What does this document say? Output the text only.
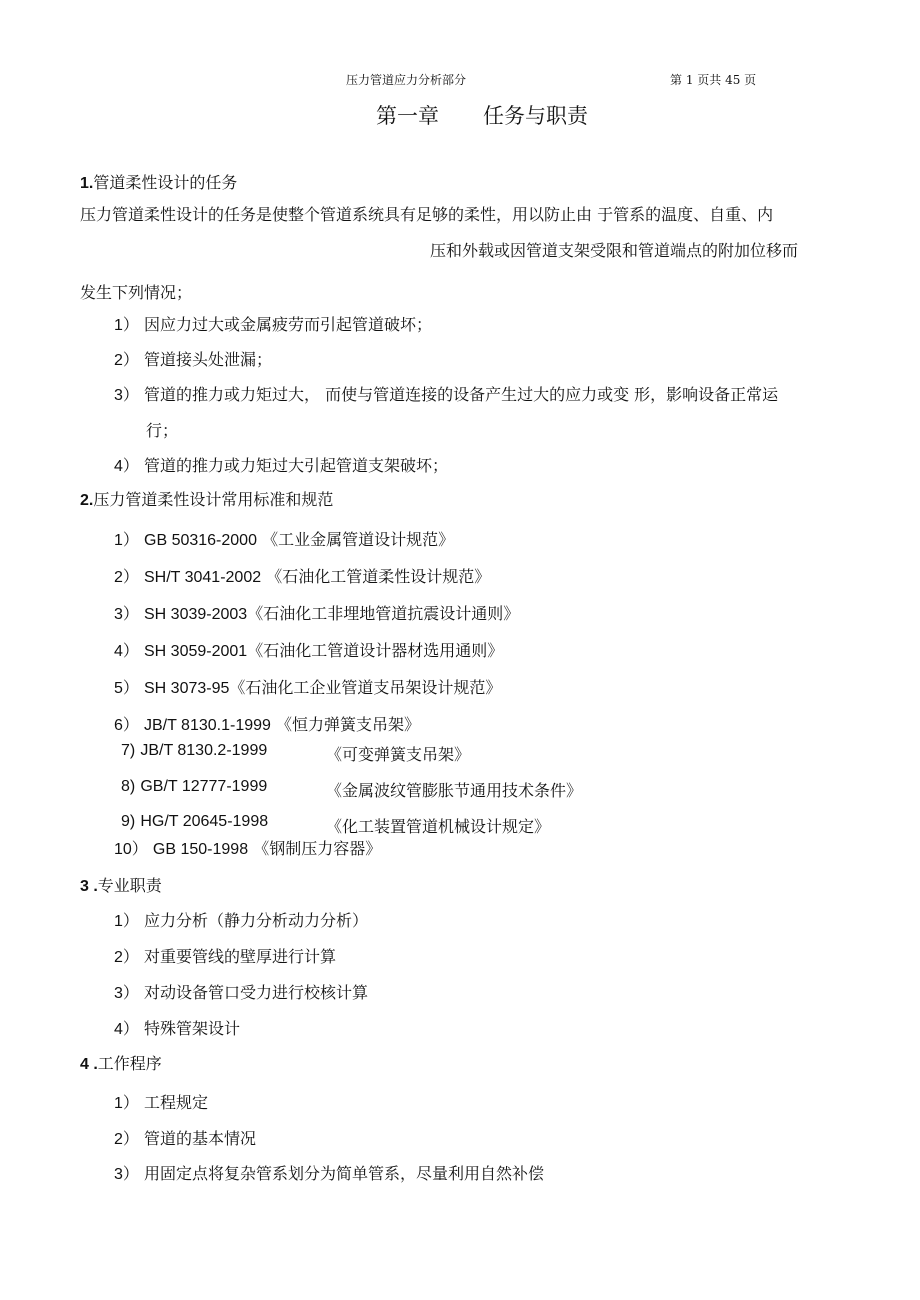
压力管道应力分析部分	第 1 页共 45 页
第一章 任务与职责
1.管道柔性设计的任务
压力管道柔性设计的任务是使整个管道系统具有足够的柔性，用以防止由 于管系的温度、自重、内
压和外载或因管道支架受限和管道端点的附加位移而
发生下列情况；
1） 因应力过大或金属疲劳而引起管道破坏；
2） 管道接头处泄漏；
3） 管道的推力或力矩过大， 而使与管道连接的设备产生过大的应力或变 形，影响设备正常运
行；
4） 管道的推力或力矩过大引起管道支架破坏；
2.压力管道柔性设计常用标准和规范
1） GB 50316-2000 《工业金属管道设计规范》
2） SH/T 3041-2002 《石油化工管道柔性设计规范》
3） SH 3039-2003《石油化工非埋地管道抗震设计通则》
4） SH 3059-2001《石油化工管道设计器材选用通则》
5） SH 3073-95《石油化工企业管道支吊架设计规范》
6） JB/T 8130.1-1999 《恒力弹簧支吊架》
7) JB/T 8130.2-1999	《可变弹簧支吊架》
8) GB/T 12777-1999	《金属波纹管膨胀节通用技术条件》
9) HG/T 20645-1998	《化工装置管道机械设计规定》
10） GB 150-1998 《钢制压力容器》
3 .专业职责
1） 应力分析（静力分析动力分析）
2） 对重要管线的壁厚进行计算
3） 对动设备管口受力进行校核计算
4） 特殊管架设计
4 .工作程序
1） 工程规定
2） 管道的基本情况
3） 用固定点将复杂管系划分为简单管系，尽量利用自然补偿
